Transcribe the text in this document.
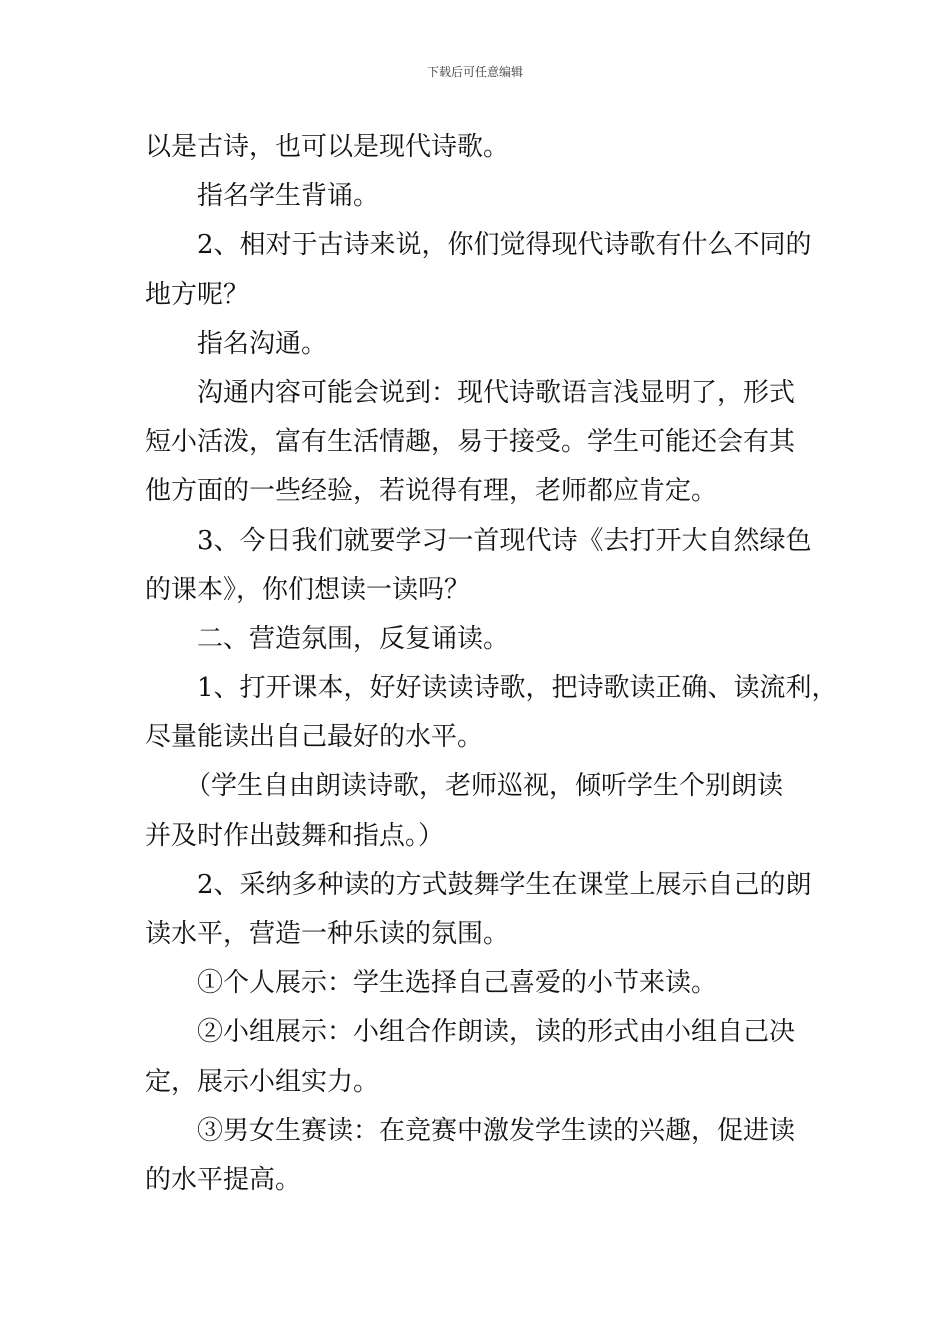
下载后可任意编辑
以是古诗，也可以是现代诗歌。
指名学生背诵。
2、相对于古诗来说，你们觉得现代诗歌有什么不同的
地方呢？
指名沟通。
沟通内容可能会说到：现代诗歌语言浅显明了，形式
短小活泼，富有生活情趣，易于接受。学生可能还会有其
他方面的一些经验，若说得有理，老师都应肯定。
3、今日我们就要学习一首现代诗《去打开大自然绿色
的课本》，你们想读一读吗？
二、营造氛围，反复诵读。
1、打开课本，好好读读诗歌，把诗歌读正确、读流利，
尽量能读出自己最好的水平。
（学生自由朗读诗歌，老师巡视，倾听学生个别朗读
并及时作出鼓舞和指点。）
2、采纳多种读的方式鼓舞学生在课堂上展示自己的朗
读水平，营造一种乐读的氛围。
①个人展示：学生选择自己喜爱的小节来读。
②小组展示：小组合作朗读，读的形式由小组自己决
定，展示小组实力。
③男女生赛读：在竞赛中激发学生读的兴趣，促进读
的水平提高。
